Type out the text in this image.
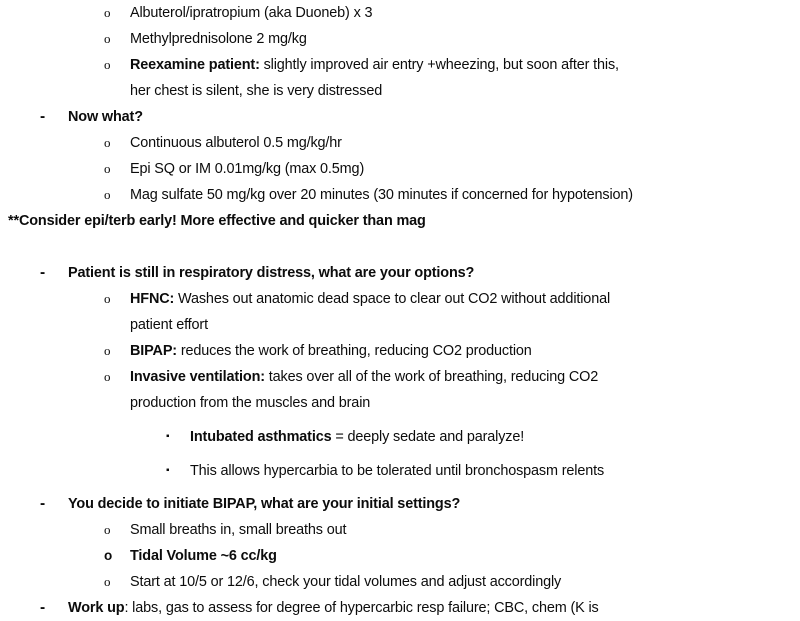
o Albuterol/ipratropium (aka Duoneb) x 3
o Methylprednisolone 2 mg/kg
o Reexamine patient: slightly improved air entry +wheezing, but soon after this,
her chest is silent, she is very distressed
- Now what?
o Continuous albuterol 0.5 mg/kg/hr
o Epi SQ or IM 0.01mg/kg (max 0.5mg)
o Mag sulfate 50 mg/kg over 20 minutes (30 minutes if concerned for hypotension)
**Consider epi/terb early! More effective and quicker than mag
- Patient is still in respiratory distress, what are your options?
o HFNC: Washes out anatomic dead space to clear out CO2 without additional
patient effort
o BIPAP: reduces the work of breathing, reducing CO2 production
o Invasive ventilation: takes over all of the work of breathing, reducing CO2
production from the muscles and brain
▪ Intubated asthmatics = deeply sedate and paralyze!
▪ This allows hypercarbia to be tolerated until bronchospasm relents
- You decide to initiate BIPAP, what are your initial settings?
o Small breaths in, small breaths out
o Tidal Volume ~6 cc/kg
o Start at 10/5 or 12/6, check your tidal volumes and adjust accordingly
- Work up: labs, gas to assess for degree of hypercarbic resp failure; CBC, chem (K is
